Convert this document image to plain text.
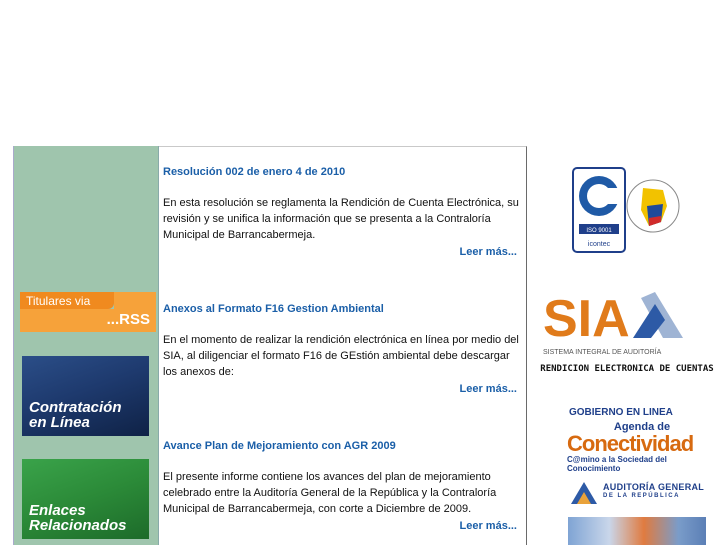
Titulares via
...RSS
Contratación
en Línea
Enlaces
Relacionados
Resolución 002 de enero 4 de 2010
En esta resolución se reglamenta la Rendición de Cuenta Electrónica, su revisión y se unifica la información que se presenta a la Contraloría Municipal de Barrancabermeja.
Leer más...
Anexos al Formato F16 Gestion Ambiental
En el momento de realizar la rendición electrónica en línea por medio del SIA, al diligenciar el formato F16 de GEstión ambiental debe descargar los anexos de:
Leer más...
Avance Plan de Mejoramiento con AGR 2009
El presente informe contiene los avances del plan de mejoramiento celebrado entre la Auditoría General de la República y la Contraloría Municipal de Barrancabermeja, con corte a Diciembre de 2009.
Leer más...
ISO 9001
icontec
SIA
SISTEMA INTEGRAL DE AUDITORÍA
RENDICION ELECTRONICA DE CUENTAS
GOBIERNO EN LINEA
Agenda de
Conectividad
C@mino a la Sociedad del Conocimiento
AUDITORÍA GENERAL
DE LA REPÚBLICA
